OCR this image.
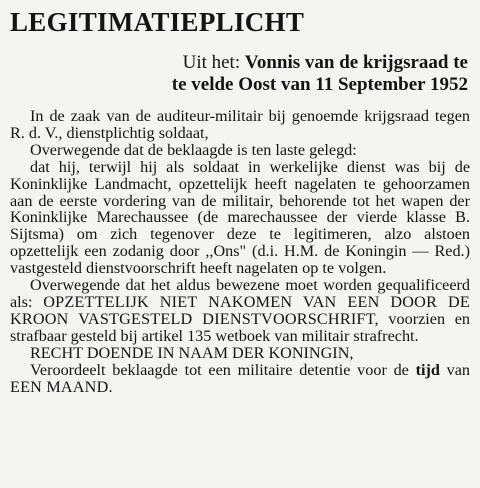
LEGITIMATIEPLICHT
Uit het: Vonnis van de krijgsraad te
te velde Oost van 11 September 1952

In de zaak van de auditeur-militair bij genoemde krijgsraad tegen R. d. V., dienstplichtig soldaat,

Overwegende dat de beklaagde is ten laste gelegd:

dat hij, terwijl hij als soldaat in werkelijke dienst was bij de Koninklijke Landmacht, opzettelijk heeft nagelaten te gehoorzamen aan de eerste vordering van de militair, behorende tot het wapen der Koninklijke Marechaussee (de marechaussee der vierde klasse B. Sijtsma) om zich tegenover deze te legitimeren, alzo alstoen opzettelijk een zodanig door ,,Ons" (d.i. H.M. de Koningin — Red.) vastgesteld dienstvoorschrift heeft nagelaten op te volgen.

Overwegende dat het aldus bewezene moet worden gequalificeerd als: OPZETTELIJK NIET NAKOMEN VAN EEN DOOR DE KROON VASTGESTELD DIENSTVOORSCHRIFT, voorzien en strafbaar gesteld bij artikel 135 wetboek van militair strafrecht.

RECHT DOENDE IN NAAM DER KONINGIN,

Veroordeelt beklaagde tot een militaire detentie voor de tijd van EEN MAAND.
